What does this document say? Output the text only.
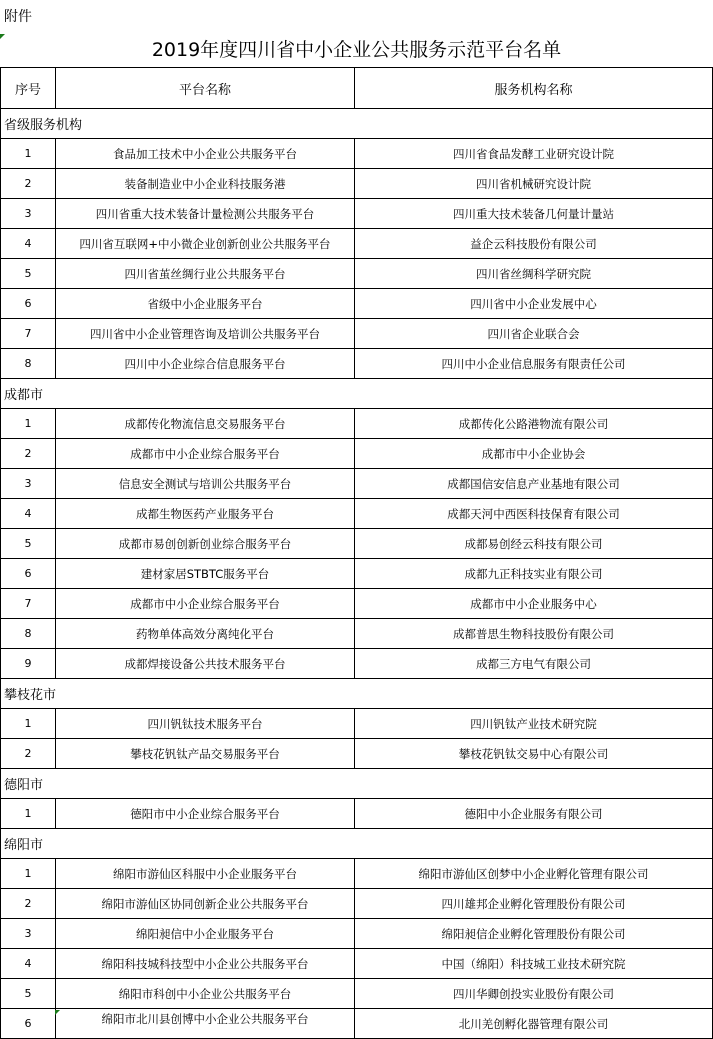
附件
2019年度四川省中小企业公共服务示范平台名单
序号	平台名称	服务机构名称
省级服务机构		
1	食品加工技术中小企业公共服务平台	四川省食品发酵工业研究设计院
2	装备制造业中小企业科技服务港	四川省机械研究设计院
3	四川省重大技术装备计量检测公共服务平台	四川重大技术装备几何量计量站
4	四川省互联网+中小微企业创新创业公共服务平台	益企云科技股份有限公司
5	四川省茧丝绸行业公共服务平台	四川省丝绸科学研究院
6	省级中小企业服务平台	四川省中小企业发展中心
7	四川省中小企业管理咨询及培训公共服务平台	四川省企业联合会
8	四川中小企业综合信息服务平台	四川中小企业信息服务有限责任公司
成都市		
1	成都传化物流信息交易服务平台	成都传化公路港物流有限公司
2	成都市中小企业综合服务平台	成都市中小企业协会
3	信息安全测试与培训公共服务平台	成都国信安信息产业基地有限公司
4	成都生物医药产业服务平台	成都天河中西医科技保育有限公司
5	成都市易创创新创业综合服务平台	成都易创经云科技有限公司
6	建材家居STBTC服务平台	成都九正科技实业有限公司
7	成都市中小企业综合服务平台	成都市中小企业服务中心
8	药物单体高效分离纯化平台	成都普思生物科技股份有限公司
9	成都焊接设备公共技术服务平台	成都三方电气有限公司
攀枝花市		
1	四川钒钛技术服务平台	四川钒钛产业技术研究院
2	攀枝花钒钛产品交易服务平台	攀枝花钒钛交易中心有限公司
德阳市		
1	德阳市中小企业综合服务平台	德阳中小企业服务有限公司
绵阳市		
1	绵阳市游仙区科服中小企业服务平台	绵阳市游仙区创梦中小企业孵化管理有限公司
2	绵阳市游仙区协同创新企业公共服务平台	四川雄邦企业孵化管理股份有限公司
3	绵阳昶信中小企业服务平台	绵阳昶信企业孵化管理股份有限公司
4	绵阳科技城科技型中小企业公共服务平台	中国（绵阳）科技城工业技术研究院
5	绵阳市科创中小企业公共服务平台	四川华卿创投实业股份有限公司
6	绵阳市北川县创博中小企业公共服务平台	北川羌创孵化器管理有限公司
